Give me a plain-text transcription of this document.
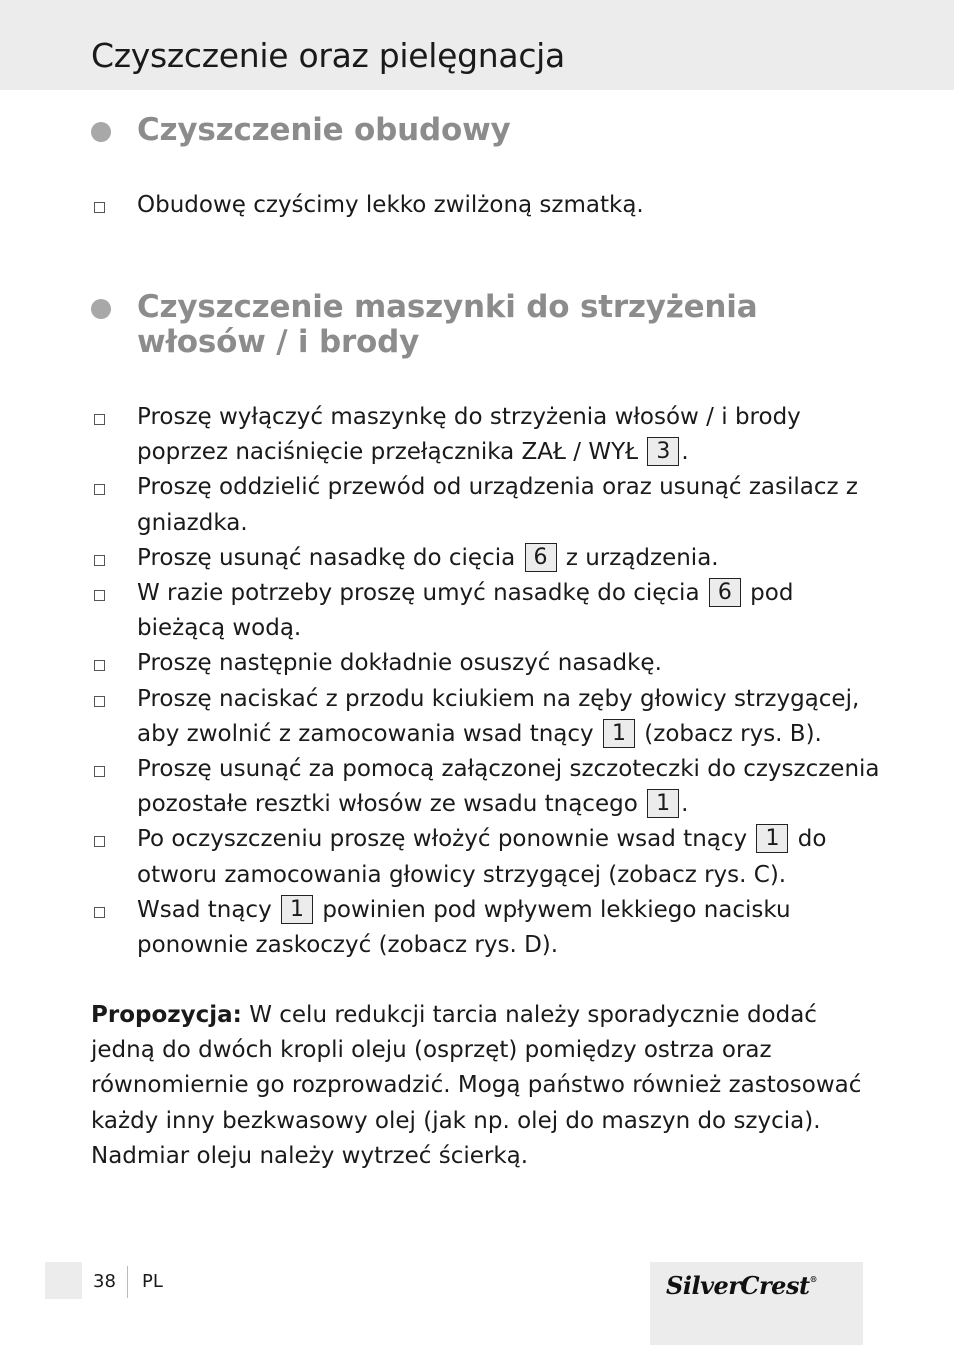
Czyszczenie oraz pielęgnacja
Czyszczenie obudowy
Obudowę czyścimy lekko zwilżoną szmatką.
Czyszczenie maszynki do strzyżenia
włosów / i brody
Proszę wyłączyć maszynkę do strzyżenia włosów / i brody poprzez naciśnięcie przełącznika ZAŁ / WYŁ 3 .
Proszę oddzielić przewód od urządzenia oraz usunąć zasilacz z gniazdka.
Proszę usunąć nasadkę do cięcia 6 z urządzenia.
W razie potrzeby proszę umyć nasadkę do cięcia 6 pod bieżącą wodą.
Proszę następnie dokładnie osuszyć nasadkę.
Proszę naciskać z przodu kciukiem na zęby głowicy strzygącej, aby zwolnić z zamocowania wsad tnący 1 (zobacz rys. B).
Proszę usunąć za pomocą załączonej szczoteczki do czyszczenia pozostałe resztki włosów ze wsadu tnącego 1 .
Po oczyszczeniu proszę włożyć ponownie wsad tnący 1 do otworu zamocowania głowicy strzygącej (zobacz rys. C).
Wsad tnący 1 powinien pod wpływem lekkiego nacisku ponownie zaskoczyć (zobacz rys. D).

Propozycja: W celu redukcji tarcia należy sporadycznie dodać jedną do dwóch kropli oleju (osprzęt) pomiędzy ostrza oraz równomiernie go rozprowadzić. Mogą państwo również zastosować każdy inny bezkwasowy olej (jak np. olej do maszyn do szycia). Nadmiar oleju należy wytrzeć ścierką.

38 PL	SilverCrest®
